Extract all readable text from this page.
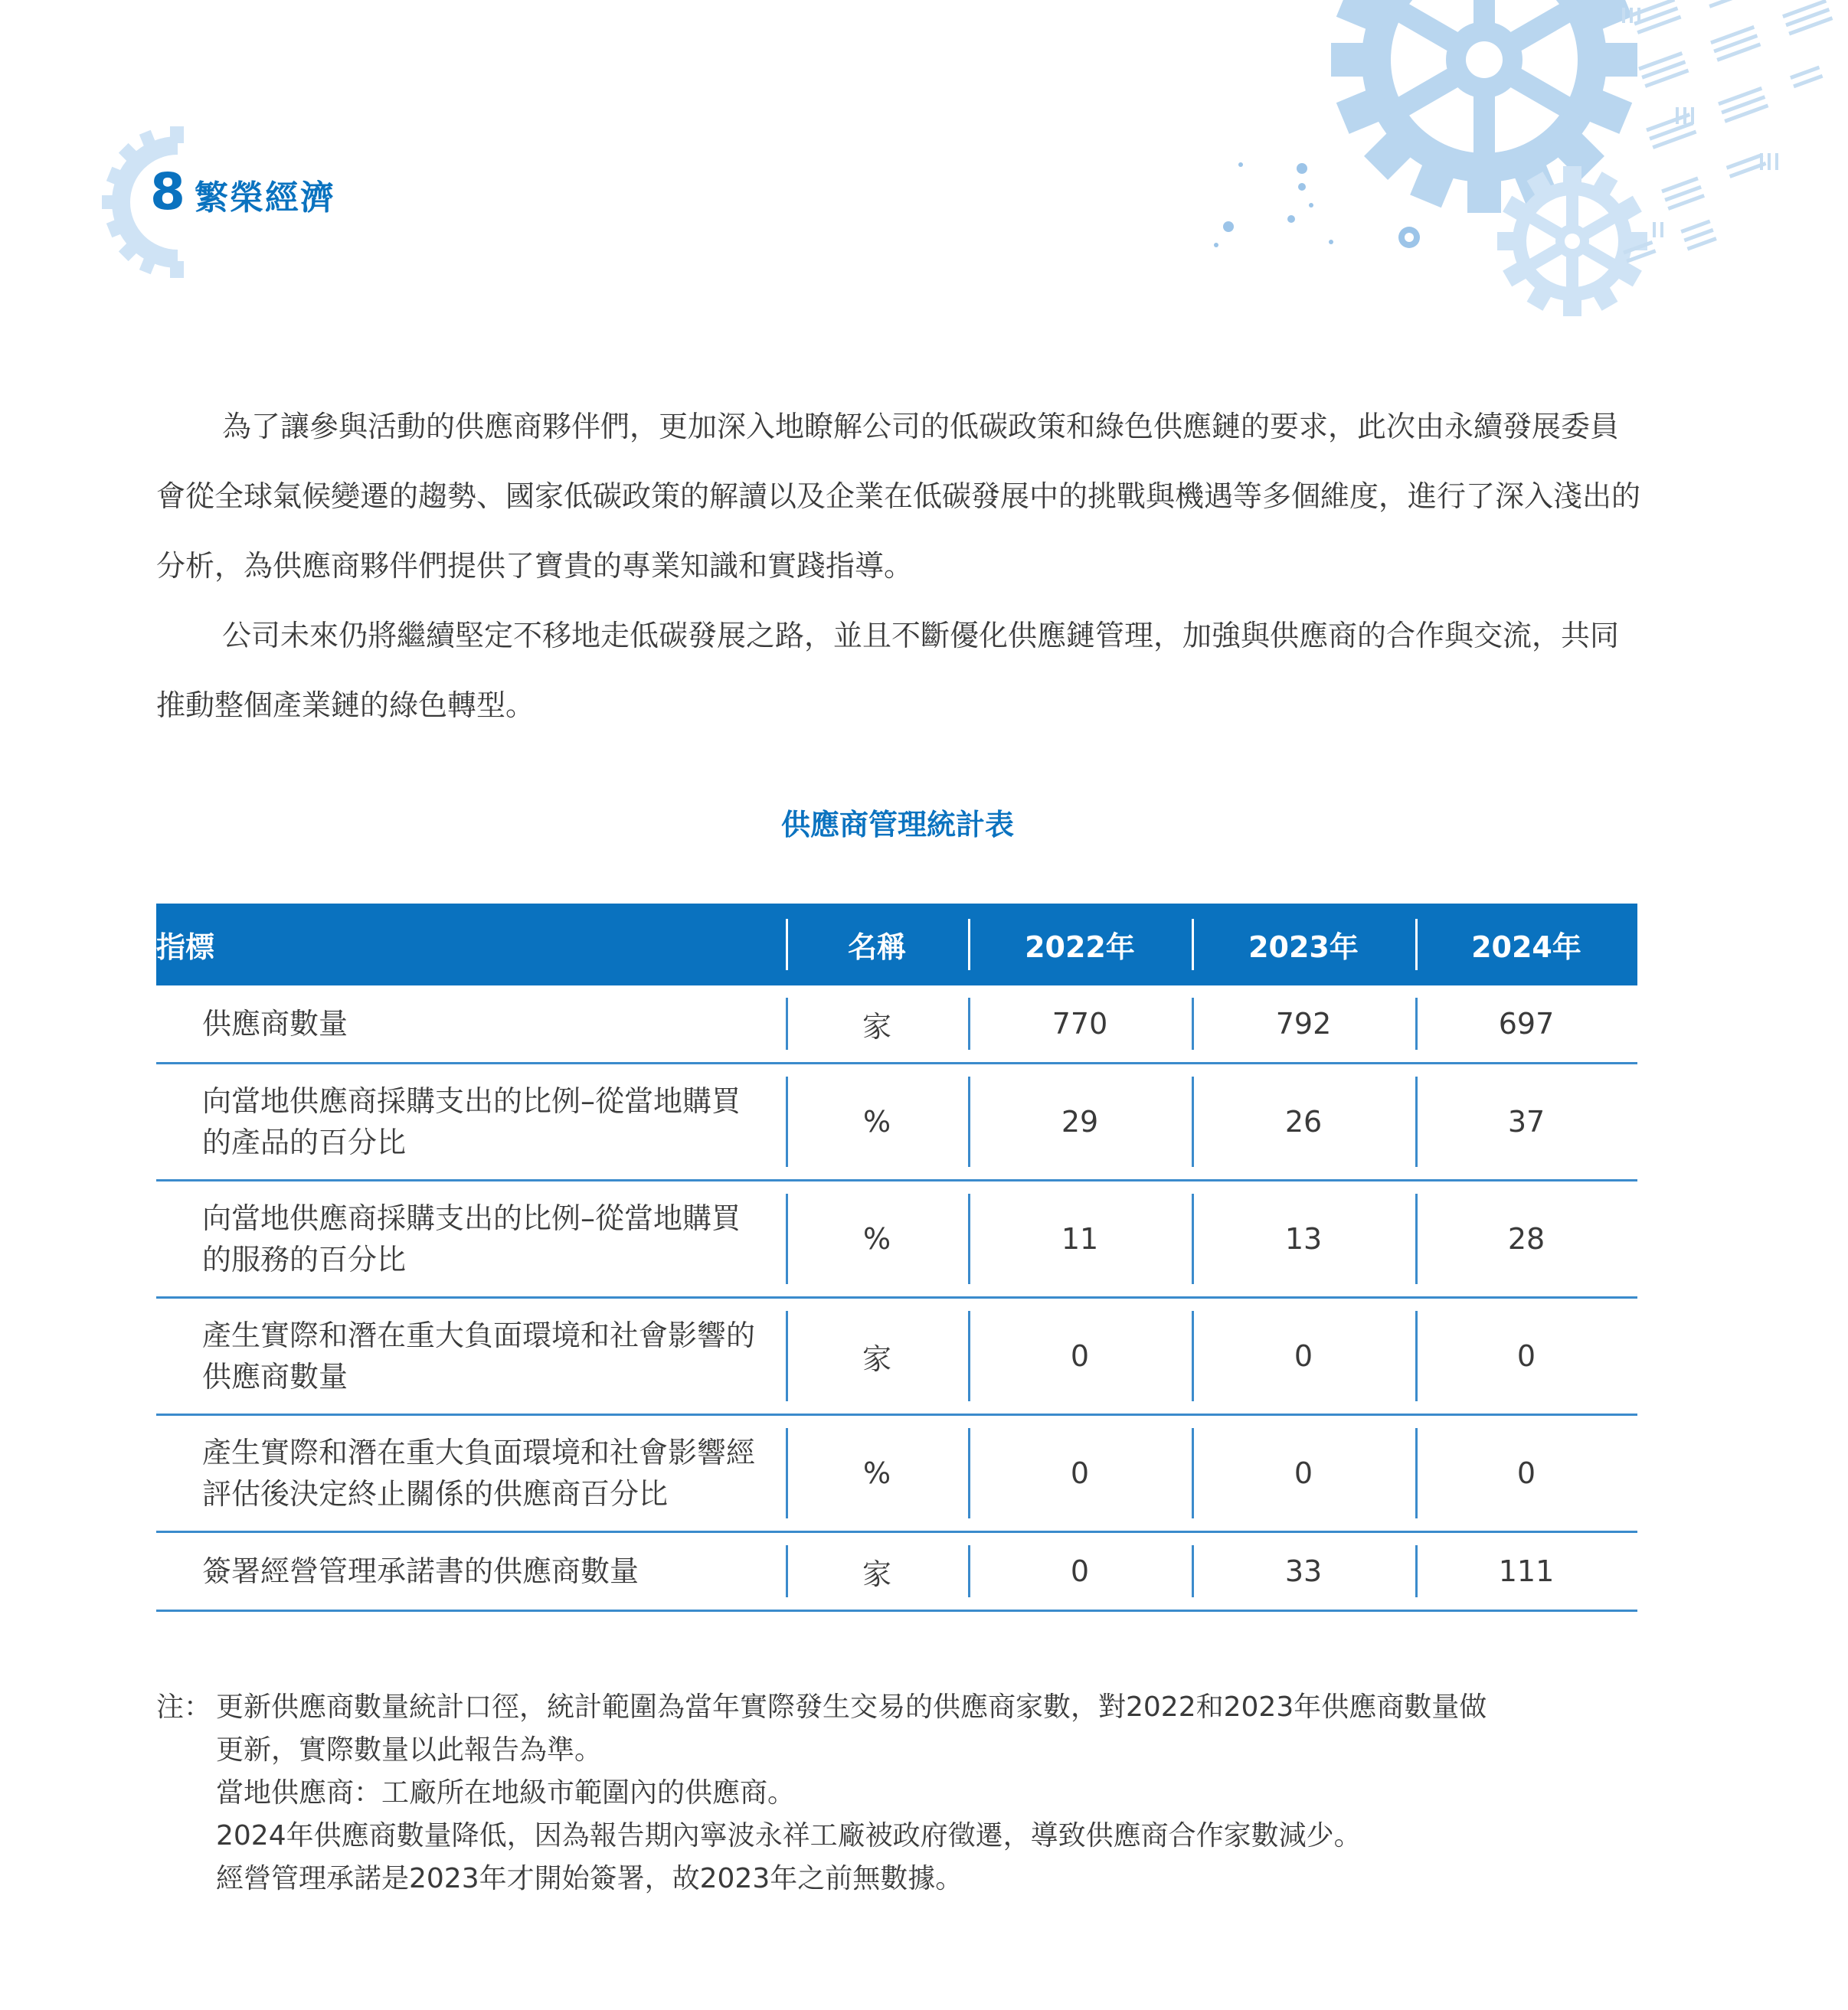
8 繁榮經濟

為了讓參與活動的供應商夥伴們，更加深入地瞭解公司的低碳政策和綠色供應鏈的要求，此次由永續發展委員會從全球氣候變遷的趨勢、國家低碳政策的解讀以及企業在低碳發展中的挑戰與機遇等多個維度，進行了深入淺出的分析，為供應商夥伴們提供了寶貴的專業知識和實踐指導。

公司未來仍將繼續堅定不移地走低碳發展之路，並且不斷優化供應鏈管理，加強與供應商的合作與交流，共同推動整個產業鏈的綠色轉型。

供應商管理統計表
指標	名稱	2022年	2023年	2024年

供應商數量	家	770	792	697

向當地供應商採購支出的比例–從當地購買的產品的百分比	%	29	26	37

向當地供應商採購支出的比例–從當地購買的服務的百分比	%	11	13	28

產生實際和潛在重大負面環境和社會影響的供應商數量	家	0	0	0

產生實際和潛在重大負面環境和社會影響經評估後決定終止關係的供應商百分比	%	0	0	0

簽署經營管理承諾書的供應商數量	家	0	33	111
注： 更新供應商數量統計口徑，統計範圍為當年實際發生交易的供應商家數，對2022和2023年供應商數量做
更新，實際數量以此報告為準。
當地供應商：工廠所在地級市範圍內的供應商。
2024年供應商數量降低，因為報告期內寧波永祥工廠被政府徵遷，導致供應商合作家數減少。
經營管理承諾是2023年才開始簽署，故2023年之前無數據。
